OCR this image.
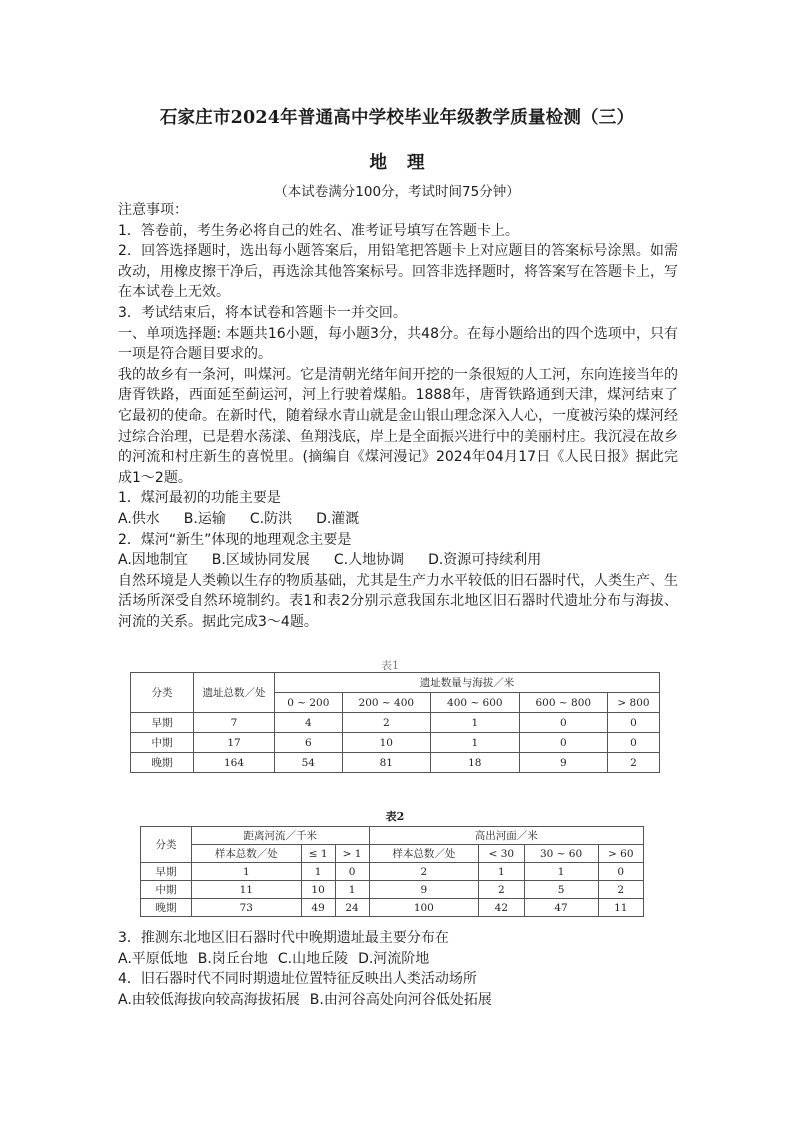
石家庄市2024年普通高中学校毕业年级教学质量检测（三）
地理
（本试卷满分100分，考试时间75分钟）

注意事项：

1．答卷前，考生务必将自己的姓名、准考证号填写在答题卡上。

2．回答选择题时，选出每小题答案后，用铅笔把答题卡上对应题目的答案标号涂黑。如需改动，用橡皮擦干净后，再选涂其他答案标号。回答非选择题时，将答案写在答题卡上，写在本试卷上无效。

3．考试结束后，将本试卷和答题卡一并交回。

一、单项选择题: 本题共16小题，每小题3分，共48分。在每小题给出的四个选项中，只有一项是符合题目要求的。

我的故乡有一条河，叫煤河。它是清朝光绪年间开挖的一条很短的人工河，东向连接当年的唐胥铁路，西面延至蓟运河，河上行驶着煤船。1888年，唐胥铁路通到天津，煤河结束了它最初的使命。在新时代，随着绿水青山就是金山银山理念深入人心，一度被污染的煤河经过综合治理，已是碧水荡漾、鱼翔浅底，岸上是全面振兴进行中的美丽村庄。我沉浸在故乡的河流和村庄新生的喜悦里。(摘编自《煤河漫记》2024年04月17日《人民日报》据此完成1～2题。

1．煤河最初的功能主要是

A.供水 B.运输 C.防洪 D.灌溉

2．煤河“新生”体现的地理观念主要是

A.因地制宜 B.区域协同发展 C.人地协调 D.资源可持续利用

自然环境是人类赖以生存的物质基础，尤其是生产力水平较低的旧石器时代，人类生产、生活场所深受自然环境制约。表1和表2分别示意我国东北地区旧石器时代遗址分布与海拔、河流的关系。据此完成3～4题。

表1
分类	遗址总数／处	遗址数量与海拔／米				
		0 ~ 200	200 ~ 400	400 ~ 600	600 ~ 800	> 800
早期	7	4	2	1	0	0
中期	17	6	10	1	0	0
晚期	164	54	81	18	9	2
表2
分类	距离河流／千米			高出河面／米			
	样本总数／处	≤ 1	> 1	样本总数／处	< 30	30 ~ 60	> 60
早期	1	1	0	2	1	1	0
中期	11	10	1	9	2	5	2
晚期	73	49	24	100	42	47	11

3．推测东北地区旧石器时代中晚期遗址最主要分布在

A.平原低地 B.岗丘台地 C.山地丘陵 D.河流阶地

4．旧石器时代不同时期遗址位置特征反映出人类活动场所

A.由较低海拔向较高海拔拓展 B.由河谷高处向河谷低处拓展
